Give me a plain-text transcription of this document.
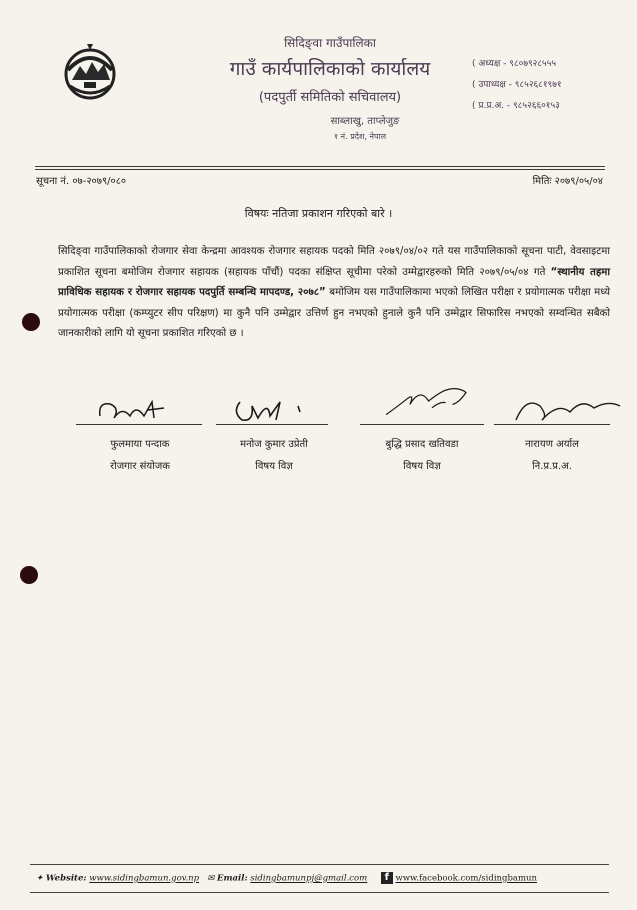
सिदिङ्वा गाउँपालिका
गाउँ कार्यपालिकाको कार्यालय
(पदपुर्ती समितिको सचिवालय)
साब्लाखु, ताप्लेजुङ
१ नं. प्रदेश, नेपाल
( अध्यक्ष - ९८०७९२८५५५
( उपाध्यक्ष - ९८५२६८१९७१
( प्र.प्र.अ. - ९८५२६६०१५३
सूचना नं. ०७-२०७९/०८०	मितिः २०७९/०५/०४
विषयः नतिजा प्रकाशन गरिएको बारे ।
सिदिङ्वा गाउँपालिकाको रोजगार सेवा केन्द्रमा आवश्यक रोजगार सहायक पदको मिति २०७९/०४/०२ गते यस गाउँपालिकाको सूचना पाटी, वेवसाइटमा प्रकाशित सूचना बमोजिम रोजगार सहायक (सहायक पाँचौं) पदका संक्षिप्त सूचीमा परेको उम्मेद्वारहरुको मिति २०७९/०५/०४ गते “स्थानीय तहमा प्राविधिक सहायक र रोजगार सहायक पदपुर्ति सम्बन्धि मापदण्ड, २०७८” बमोजिम यस गाउँपालिकामा भएको लिखित परीक्षा र प्रयोगात्मक परीक्षा मध्ये प्रयोगात्मक परीक्षा (कम्प्युटर सीप परिक्षण) मा कुनै पनि उम्मेद्वार उत्तिर्ण हुन नभएको हुनाले कुनै पनि उम्मेद्वार सिफारिस नभएको सम्वन्धित सबैको जानकारीको लागि यो सूचना प्रकाशित गरिएको छ ।
फुलमाया पन्दाक
रोजगार संयोजक
मनोज कुमार उप्रेती
विषय विज्ञ
बुद्धि प्रसाद खतिवडा
विषय विज्ञ
नारायण अर्याल
नि.प्र.प्र.अ.
✦ Website: www.sidingbamun.gov.np ✉ Email: sidingbamunpj@gmail.com f www.facebook.com/sidingbamun
